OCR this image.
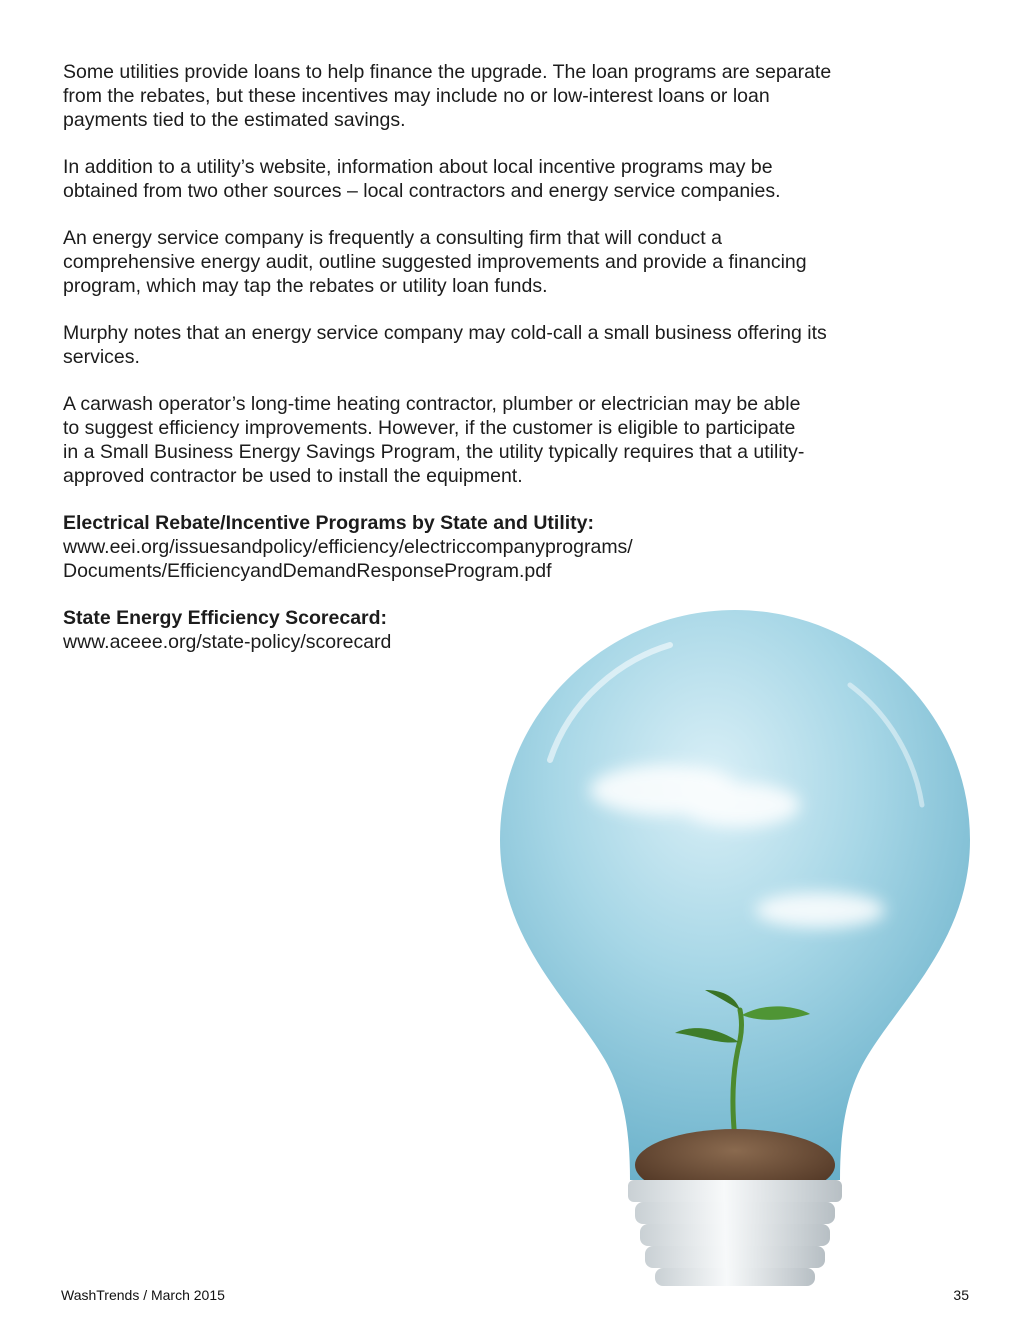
Some utilities provide loans to help finance the upgrade. The loan programs are separate
from the rebates, but these incentives may include no or low-interest loans or loan
payments tied to the estimated savings.

In addition to a utility’s website, information about local incentive programs may be
obtained from two other sources – local contractors and energy service companies.

An energy service company is frequently a consulting firm that will conduct a
comprehensive energy audit, outline suggested improvements and provide a financing
program, which may tap the rebates or utility loan funds.

Murphy notes that an energy service company may cold-call a small business offering its
services.

A carwash operator’s long-time heating contractor, plumber or electrician may be able
to suggest efficiency improvements. However, if the customer is eligible to participate
in a Small Business Energy Savings Program, the utility typically requires that a utility-
approved contractor be used to install the equipment.

Electrical Rebate/Incentive Programs by State and Utility:
www.eei.org/issuesandpolicy/efficiency/electriccompanyprograms/
Documents/EfficiencyandDemandResponseProgram.pdf
State Energy Efficiency Scorecard:
www.aceee.org/state-policy/scorecard
WashTrends / March 2015	35
